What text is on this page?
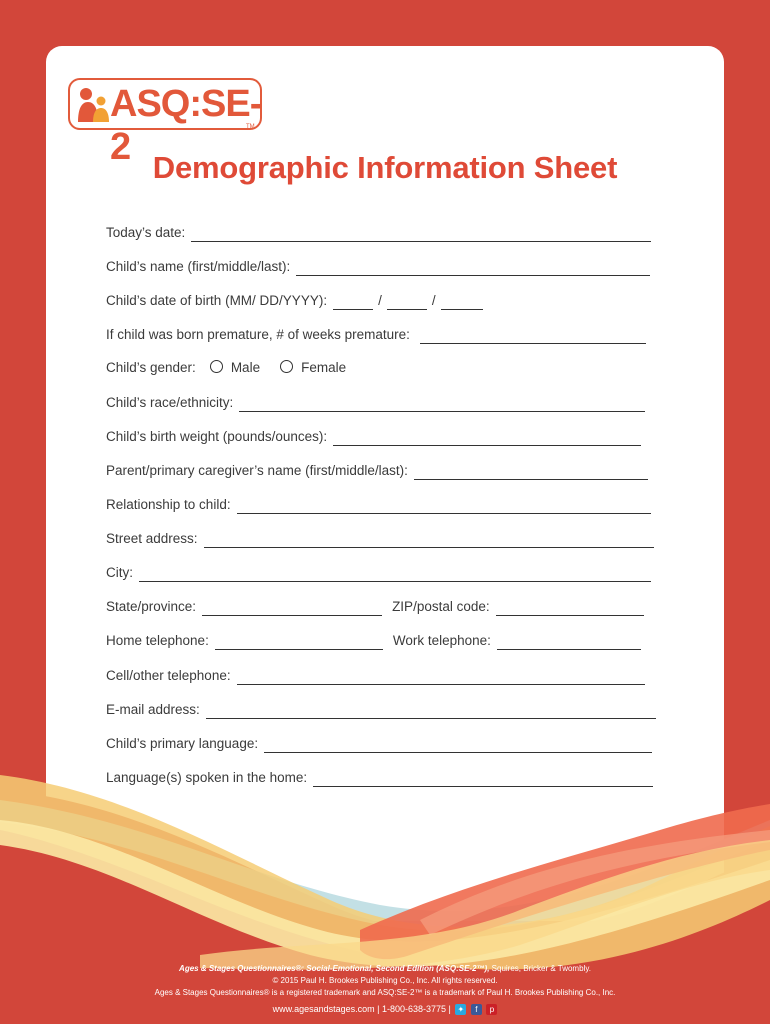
ASQ:SE-2	TM
Demographic Information Sheet
Today’s date:
Child’s name (first/middle/last):
Child’s date of birth (MM/ DD/YYYY):	/	/
If child was born premature, # of weeks premature:
Child’s gender:	Male	Female
Child’s race/ethnicity:
Child’s birth weight (pounds/ounces):
Parent/primary caregiver’s name (first/middle/last):
Relationship to child:
Street address:
City:
State/province:	ZIP/postal code:
Home telephone:	Work telephone:
Cell/other telephone:
E-mail address:
Child’s primary language:
Language(s) spoken in the home:
Ages & Stages Questionnaires®: Social-Emotional, Second Edition (ASQ:SE-2™), Squires, Bricker & Twombly.
© 2015 Paul H. Brookes Publishing Co., Inc. All rights reserved.
Ages & Stages Questionnaires® is a registered trademark and ASQ:SE-2™ is a trademark of Paul H. Brookes Publishing Co., Inc.
www.agesandstages.com | 1-800-638-3775 | ✦ f p
